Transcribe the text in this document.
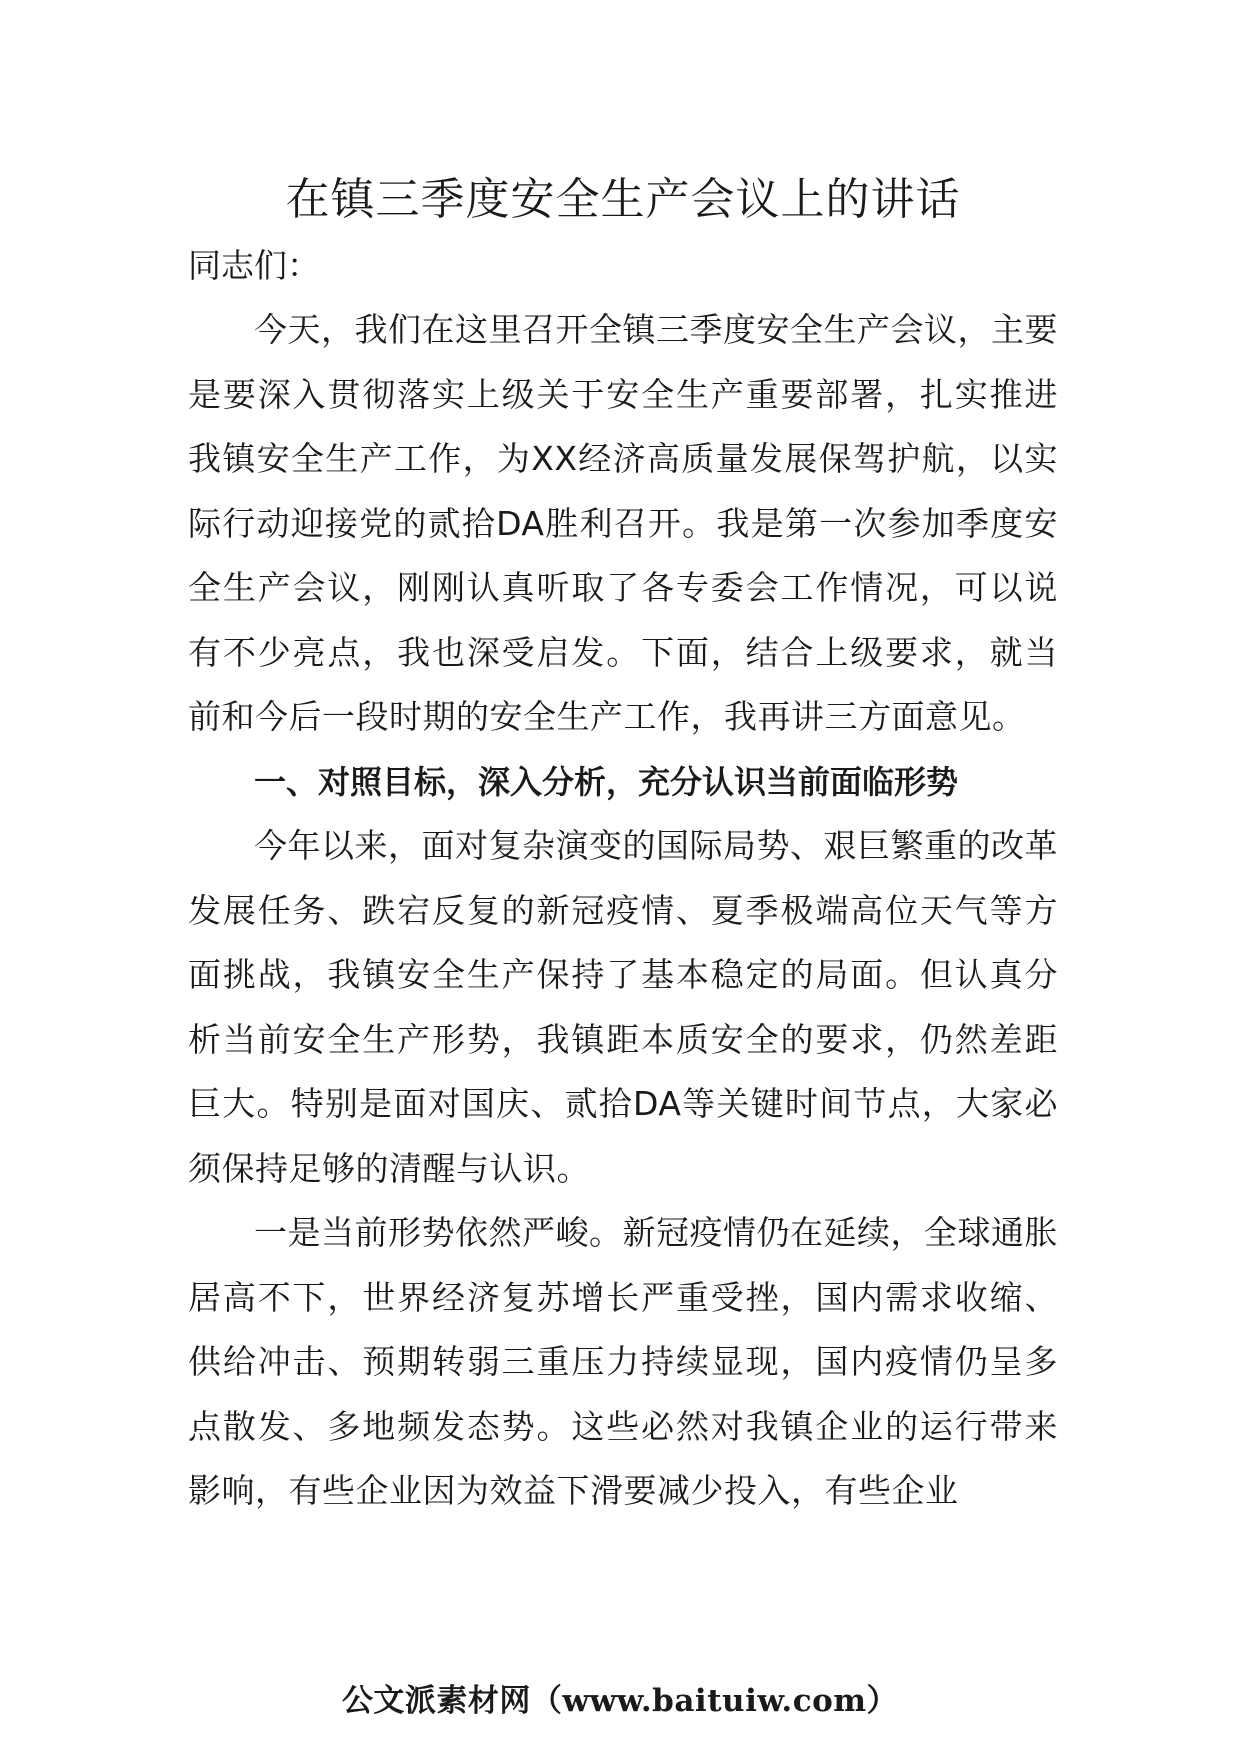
在镇三季度安全生产会议上的讲话

同志们：

今天，我们在这里召开全镇三季度安全生产会议，主要是要深入贯彻落实上级关于安全生产重要部署，扎实推进我镇安全生产工作，为XX经济高质量发展保驾护航，以实际行动迎接党的贰拾DA胜利召开。我是第一次参加季度安全生产会议，刚刚认真听取了各专委会工作情况，可以说有不少亮点，我也深受启发。下面，结合上级要求，就当前和今后一段时期的安全生产工作，我再讲三方面意见。

一、对照目标，深入分析，充分认识当前面临形势

今年以来，面对复杂演变的国际局势、艰巨繁重的改革发展任务、跌宕反复的新冠疫情、夏季极端高位天气等方面挑战，我镇安全生产保持了基本稳定的局面。但认真分析当前安全生产形势，我镇距本质安全的要求，仍然差距巨大。特别是面对国庆、贰拾DA等关键时间节点，大家必须保持足够的清醒与认识。

一是当前形势依然严峻。新冠疫情仍在延续，全球通胀居高不下，世界经济复苏增长严重受挫，国内需求收缩、供给冲击、预期转弱三重压力持续显现，国内疫情仍呈多点散发、多地频发态势。这些必然对我镇企业的运行带来影响，有些企业因为效益下滑要减少投入，有些企业

公文派素材网（www.baituiw.com）
